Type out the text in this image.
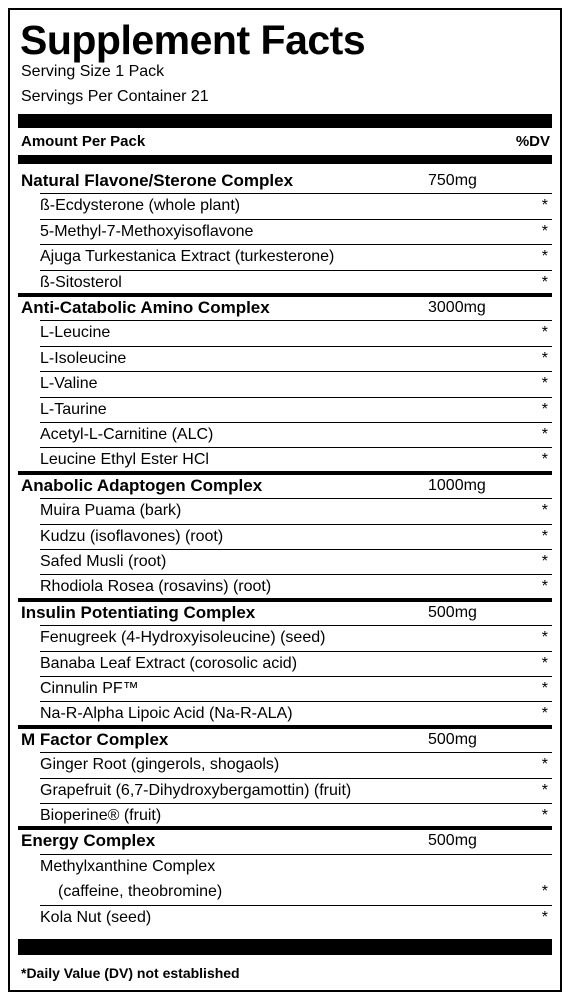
Supplement Facts
Serving Size 1 Pack
Servings Per Container 21
Amount Per Pack	%DV
Natural Flavone/Sterone Complex	750mg
ß-Ecdysterone (whole plant)	*
5-Methyl-7-Methoxyisoflavone	*
Ajuga Turkestanica Extract (turkesterone)	*
ß-Sitosterol	*
Anti-Catabolic Amino Complex	3000mg
L-Leucine	*
L-Isoleucine	*
L-Valine	*
L-Taurine	*
Acetyl-L-Carnitine (ALC)	*
Leucine Ethyl Ester HCl	*
Anabolic Adaptogen Complex	1000mg
Muira Puama (bark)	*
Kudzu (isoflavones) (root)	*
Safed Musli (root)	*
Rhodiola Rosea (rosavins) (root)	*
Insulin Potentiating Complex	500mg
Fenugreek (4-Hydroxyisoleucine) (seed)	*
Banaba Leaf Extract (corosolic acid)	*
Cinnulin PF™	*
Na-R-Alpha Lipoic Acid (Na-R-ALA)	*
M Factor Complex	500mg
Ginger Root (gingerols, shogaols)	*
Grapefruit (6,7-Dihydroxybergamottin) (fruit)	*
Bioperine® (fruit)	*
Energy Complex	500mg
Methylxanthine Complex
(caffeine, theobromine)	*
Kola Nut (seed)	*
*Daily Value (DV) not established
